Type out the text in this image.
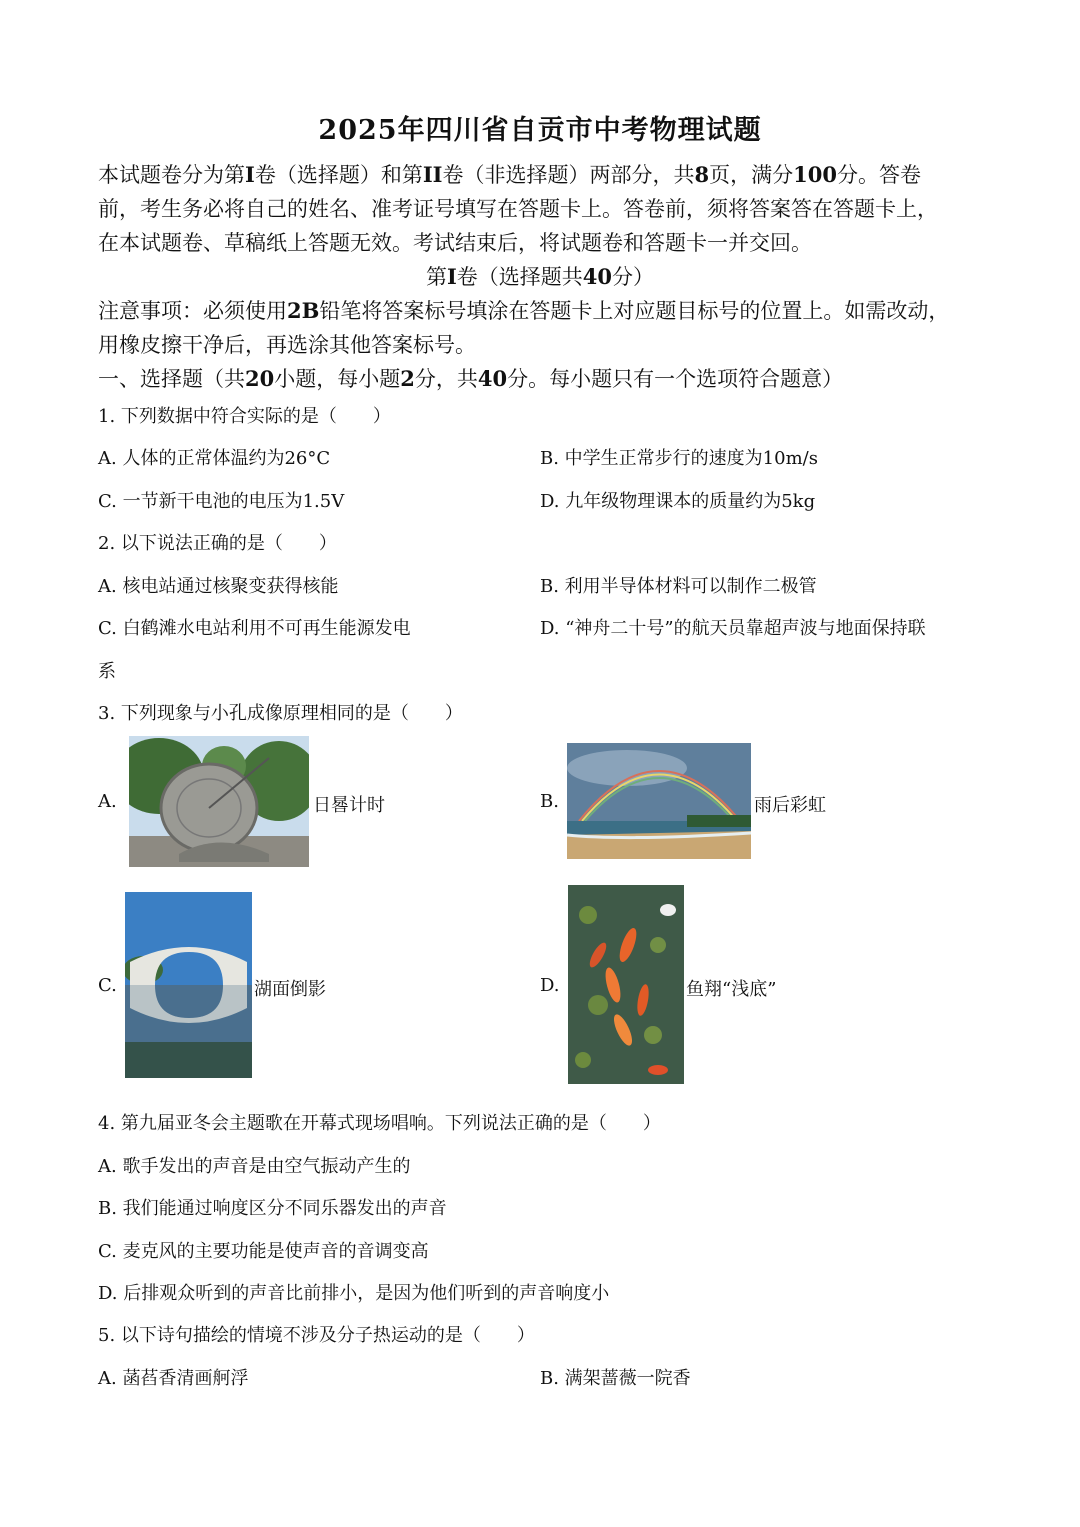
2025年四川省自贡市中考物理试题
本试题卷分为第I卷（选择题）和第II卷（非选择题）两部分，共8页，满分100分。答卷
前，考生务必将自己的姓名、准考证号填写在答题卡上。答卷前，须将答案答在答题卡上，
在本试题卷、草稿纸上答题无效。考试结束后，将试题卷和答题卡一并交回。
第I卷（选择题共40分）
注意事项：必须使用2B铅笔将答案标号填涂在答题卡上对应题目标号的位置上。如需改动，
用橡皮擦干净后，再选涂其他答案标号。
一、选择题（共20小题，每小题2分，共40分。每小题只有一个选项符合题意）
1. 下列数据中符合实际的是（　　）
A. 人体的正常体温约为26°C	B. 中学生正常步行的速度为10m/s
C. 一节新干电池的电压为1.5V	D. 九年级物理课本的质量约为5kg
2. 以下说法正确的是（　　）
A. 核电站通过核聚变获得核能	B. 利用半导体材料可以制作二极管
C. 白鹤滩水电站利用不可再生能源发电	D. “神舟二十号”的航天员靠超声波与地面保持联
系
3. 下列现象与小孔成像原理相同的是（　　）
A.	日晷计时	B.	雨后彩虹
C.	湖面倒影	D.	鱼翔“浅底”
4. 第九届亚冬会主题歌在开幕式现场唱响。下列说法正确的是（　　）
A. 歌手发出的声音是由空气振动产生的
B. 我们能通过响度区分不同乐器发出的声音
C. 麦克风的主要功能是使声音的音调变高
D. 后排观众听到的声音比前排小，是因为他们听到的声音响度小
5. 以下诗句描绘的情境不涉及分子热运动的是（　　）
A. 菡萏香清画舸浮	B. 满架蔷薇一院香
